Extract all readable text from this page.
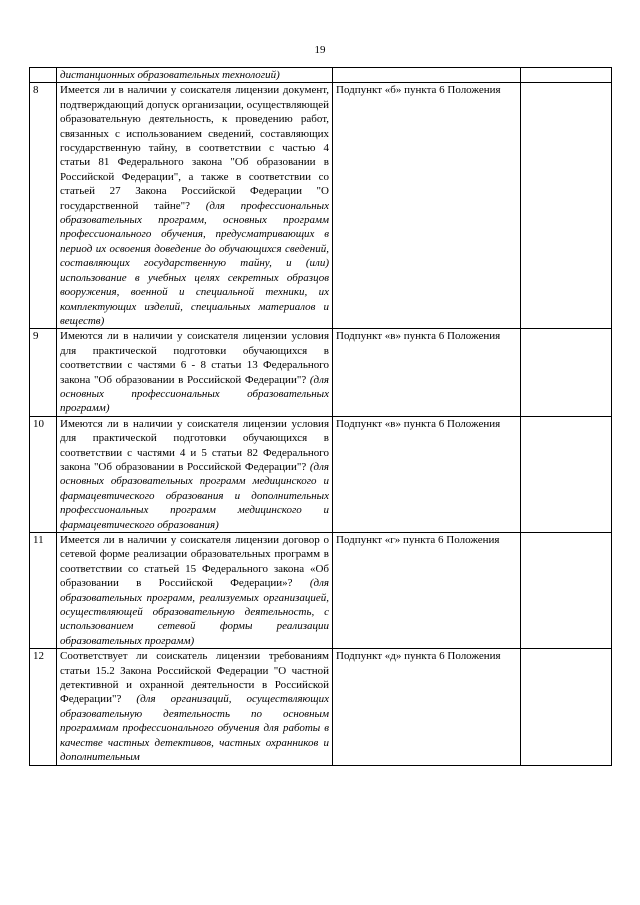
19
	дистанционных образовательных технологий)		
8	Имеется ли в наличии у соискателя лицензии документ, подтверждающий допуск организации, осуществляющей образовательную деятельность, к проведению работ, связанных с использованием сведений, составляющих государственную тайну, в соответствии с частью 4 статьи 81 Федерального закона "Об образовании в Российской Федерации", а также в соответствии со статьей 27 Закона Российской Федерации "О государственной тайне"? (для профессиональных образовательных программ, основных программ профессионального обучения, предусматривающих в период их освоения доведение до обучающихся сведений, составляющих государственную тайну, и (или) использование в учебных целях секретных образцов вооружения, военной и специальной техники, их комплектующих изделий, специальных материалов и веществ)	Подпункт «б» пункта 6 Положения	
9	Имеются ли в наличии у соискателя лицензии условия для практической подготовки обучающихся в соответствии с частями 6 - 8 статьи 13 Федерального закона "Об образовании в Российской Федерации"? (для основных профессиональных образовательных программ)	Подпункт «в» пункта 6 Положения	
10	Имеются ли в наличии у соискателя лицензии условия для практической подготовки обучающихся в соответствии с частями 4 и 5 статьи 82 Федерального закона "Об образовании в Российской Федерации"? (для основных образовательных программ медицинского и фармацевтического образования и дополнительных профессиональных программ медицинского и фармацевтического образования)	Подпункт «в» пункта 6 Положения	
11	Имеется ли в наличии у соискателя лицензии договор о сетевой форме реализации образовательных программ в соответствии со статьей 15 Федерального закона «Об образовании в Российской Федерации»? (для образовательных программ, реализуемых организацией, осуществляющей образовательную деятельность, с использованием сетевой формы реализации образовательных программ)	Подпункт «г» пункта 6 Положения	
12	Соответствует ли соискатель лицензии требованиям статьи 15.2 Закона Российской Федерации "О частной детективной и охранной деятельности в Российской Федерации"? (для организаций, осуществляющих образовательную деятельность по основным программам профессионального обучения для работы в качестве частных детективов, частных охранников и дополнительным	Подпункт «д» пункта 6 Положения	
